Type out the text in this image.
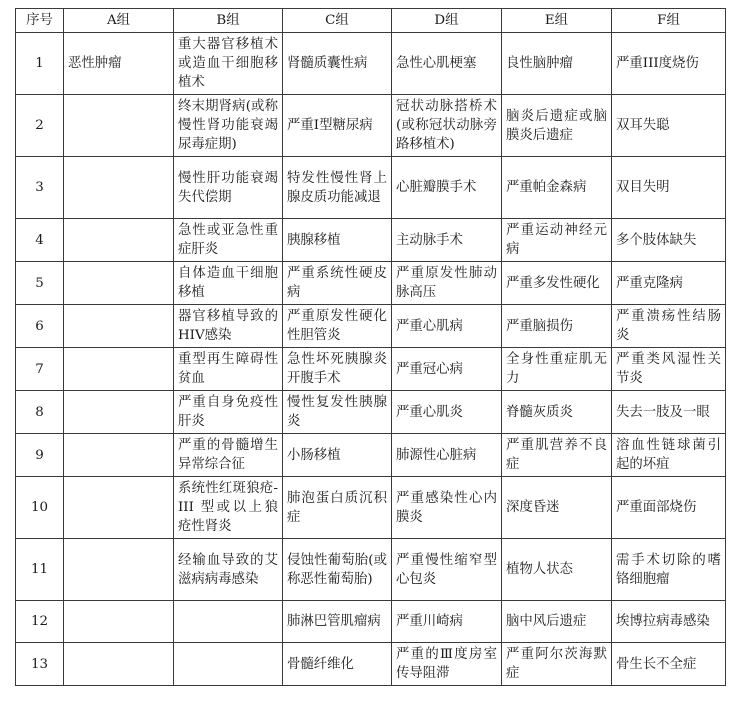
序号	A组	B组	C组	D组	E组	F组
1	恶性肿瘤	重大器官移植术或造血干细胞移植术	肾髓质囊性病	急性心肌梗塞	良性脑肿瘤	严重III度烧伤
2		终末期肾病(或称慢性肾功能衰竭尿毒症期)	严重I型糖尿病	冠状动脉搭桥术(或称冠状动脉旁路移植术)	脑炎后遗症或脑膜炎后遗症	双耳失聪
3		慢性肝功能衰竭失代偿期	特发性慢性肾上腺皮质功能减退	心脏瓣膜手术	严重帕金森病	双目失明
4		急性或亚急性重症肝炎	胰腺移植	主动脉手术	严重运动神经元病	多个肢体缺失
5		自体造血干细胞移植	严重系统性硬皮病	严重原发性肺动脉高压	严重多发性硬化	严重克隆病
6		器官移植导致的HIV感染	严重原发性硬化性胆管炎	严重心肌病	严重脑损伤	严重溃疡性结肠炎
7		重型再生障碍性贫血	急性坏死胰腺炎开腹手术	严重冠心病	全身性重症肌无力	严重类风湿性关节炎
8		严重自身免疫性肝炎	慢性复发性胰腺炎	严重心肌炎	脊髓灰质炎	失去一肢及一眼
9		严重的骨髓增生异常综合征	小肠移植	肺源性心脏病	严重肌营养不良症	溶血性链球菌引起的坏疽
10		系统性红斑狼疮-III 型或以上狼疮性肾炎	肺泡蛋白质沉积症	严重感染性心内膜炎	深度昏迷	严重面部烧伤
11		经输血导致的艾滋病病毒感染	侵蚀性葡萄胎(或称恶性葡萄胎)	严重慢性缩窄型心包炎	植物人状态	需手术切除的嗜铬细胞瘤
12			肺淋巴管肌瘤病	严重川崎病	脑中风后遗症	埃博拉病毒感染
13			骨髓纤维化	严重的Ⅲ度房室传导阻滞	严重阿尔茨海默症	骨生长不全症
